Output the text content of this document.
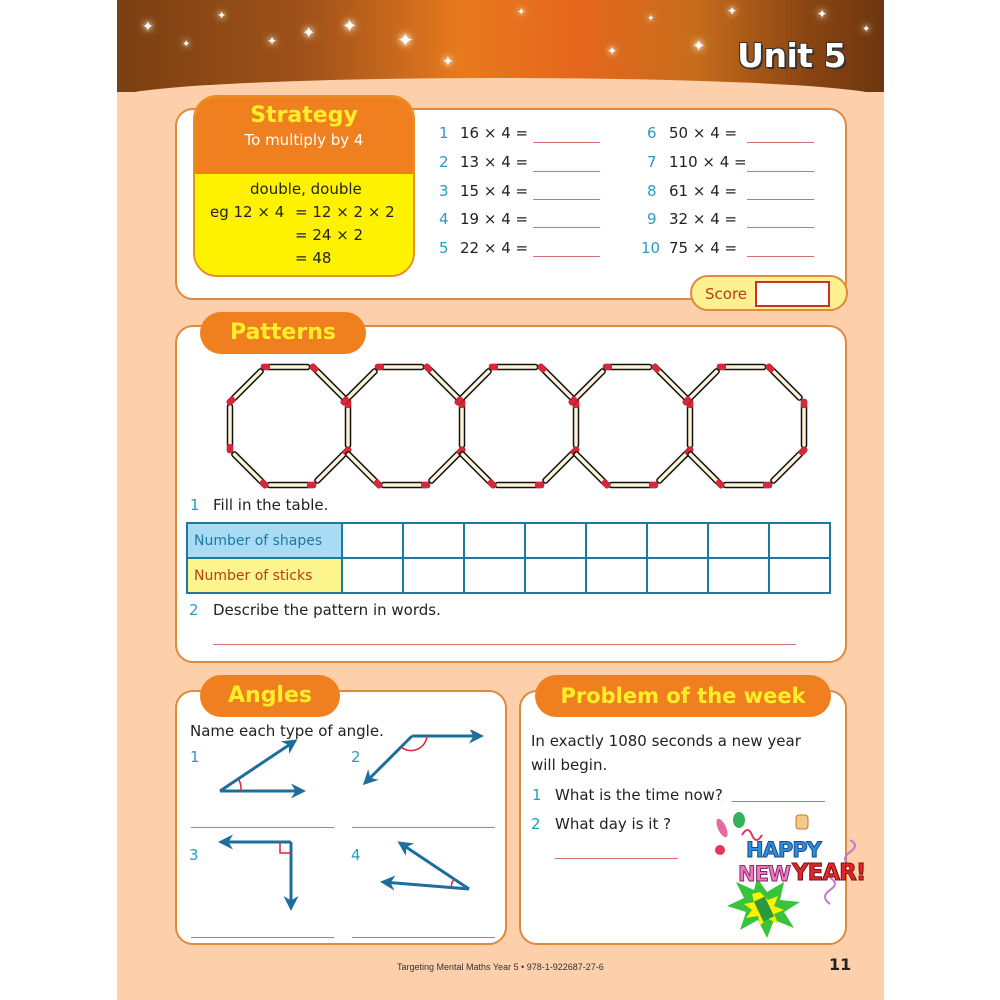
✦
✦
✦
✦ ✦ ✦
✦
✦
✦
✦
✦
✦
✦	✦
✦
Unit 5
Strategy
To multiply by 4
double, double
eg 12 × 4 = 12 × 2 × 2
= 24 × 2
= 48
1 16 × 4 =
2 13 × 4 =
3 15 × 4 =
4 19 × 4 =
5 22 × 4 =
6 50 × 4 =
7 110 × 4 =
8 61 × 4 =
9 32 × 4 =
10 75 × 4 =
Score
Patterns
1 Fill in the table.
Number of shapes								
Number of sticks								
2 Describe the pattern in words.
Angles
Name each type of angle.
1	2
3	4
Problem of the week
In exactly 1080 seconds a new year
will begin.
1 What is the time now?
2 What day is it ?
HAPPY
NEW YEAR!
Targeting Mental Maths Year 5 • 978-1-922687-27-6	11
